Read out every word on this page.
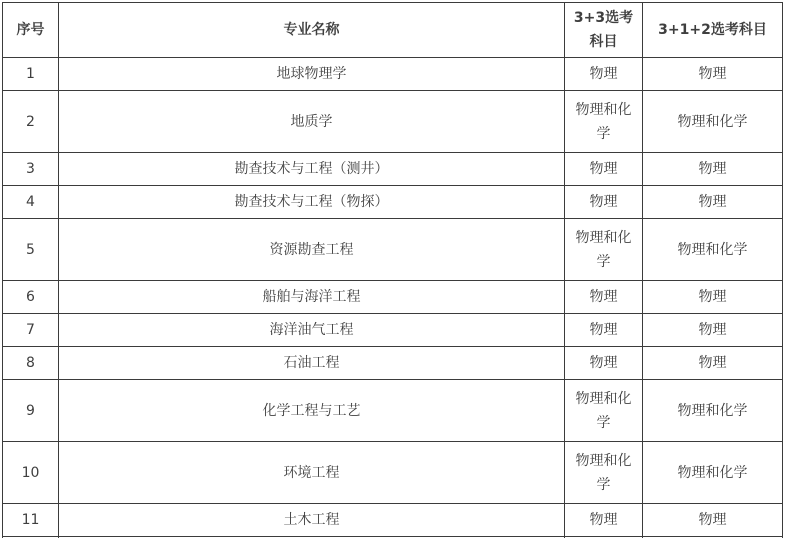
序号	专业名称	3+3选考科目	3+1+2选考科目
1	地球物理学	物理	物理
2	地质学	物理和化学	物理和化学
3	勘查技术与工程（测井）	物理	物理
4	勘查技术与工程（物探）	物理	物理
5	资源勘查工程	物理和化学	物理和化学
6	船舶与海洋工程	物理	物理
7	海洋油气工程	物理	物理
8	石油工程	物理	物理
9	化学工程与工艺	物理和化学	物理和化学
10	环境工程	物理和化学	物理和化学
11	土木工程	物理	物理
